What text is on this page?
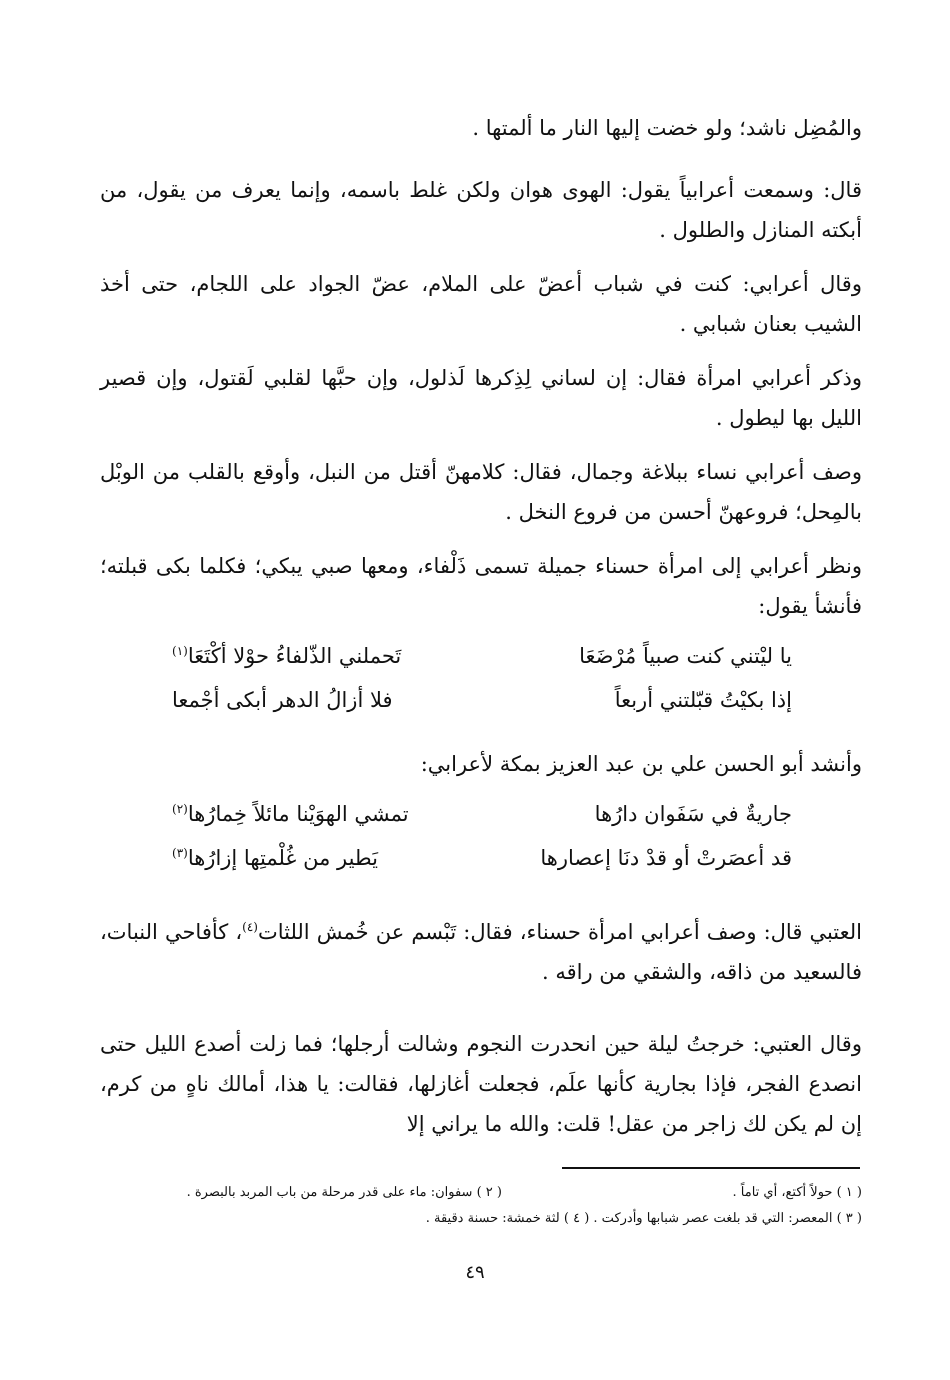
والمُضِل ناشد؛ ولو خضت إليها النار ما ألمتها .

قال: وسمعت أعرابياً يقول: الهوى هوان ولكن غلط باسمه، وإنما يعرف من يقول، من أبكته المنازل والطلول .

وقال أعرابي: كنت في شباب أعضّ على الملام، عضّ الجواد على اللجام، حتى أخذ الشيب بعنان شبابي .

وذكر أعرابي امرأة فقال: إن لساني لِذِكرها لَذلول، وإن حبَّها لقلبي لَقتول، وإن قصير الليل بها ليطول .

وصف أعرابي نساء ببلاغة وجمال، فقال: كلامهنّ أقتل من النبل، وأوقع بالقلب من الوبْل بالمِحل؛ فروعهنّ أحسن من فروع النخل .

ونظر أعرابي إلى امرأة حسناء جميلة تسمى ذَلْفاء، ومعها صبي يبكي؛ فكلما بكى قبلته؛ فأنشأ يقول:

يا ليْتني كنت صبياً مُرْضَعَا
تَحملني الذّلفاءُ حوْلا أكْتَعَا$^{(١)}$
إذا بكيْتُ قبّلتني أربعاً
فلا أزالُ الدهر أبكى أجْمعا

وأنشد أبو الحسن علي بن عبد العزيز بمكة لأعرابي:

جاريةٌ في سَفَوان دارُها
تمشي الهوَيْنا مائلاً خِمارُها$^{(٢)}$
قد أعصَرتْ أو قدْ دنَا إعصارها
يَطير من غُلْمتِها إزارُها$^{(٣)}$

العتبي قال: وصف أعرابي امرأة حسناء، فقال: تَبْسم عن خُمش اللثات$^{(٤)}$، كأفاحي النبات، فالسعيد من ذاقه، والشقي من راقه .

وقال العتبي: خرجتُ ليلة حين انحدرت النجوم وشالت أرجلها؛ فما زلت أصدع الليل حتى انصدع الفجر، فإذا بجارية كأنها علَم، فجعلت أغازلها، فقالت: يا هذا، أمالك ناهٍ من كرم، إن لم يكن لك زاجر من عقل! قلت: والله ما يراني إلا

( ١ ) حولاً أكتع، أي تاماً .
( ٢ ) سفوان: ماء على قدر مرحلة من باب المربد بالبصرة .
( ٣ ) المعصر: التي قد بلغت عصر شبابها وأدركت . ( ٤ ) لثة خمشة: حسنة دقيقة .
٤٩
